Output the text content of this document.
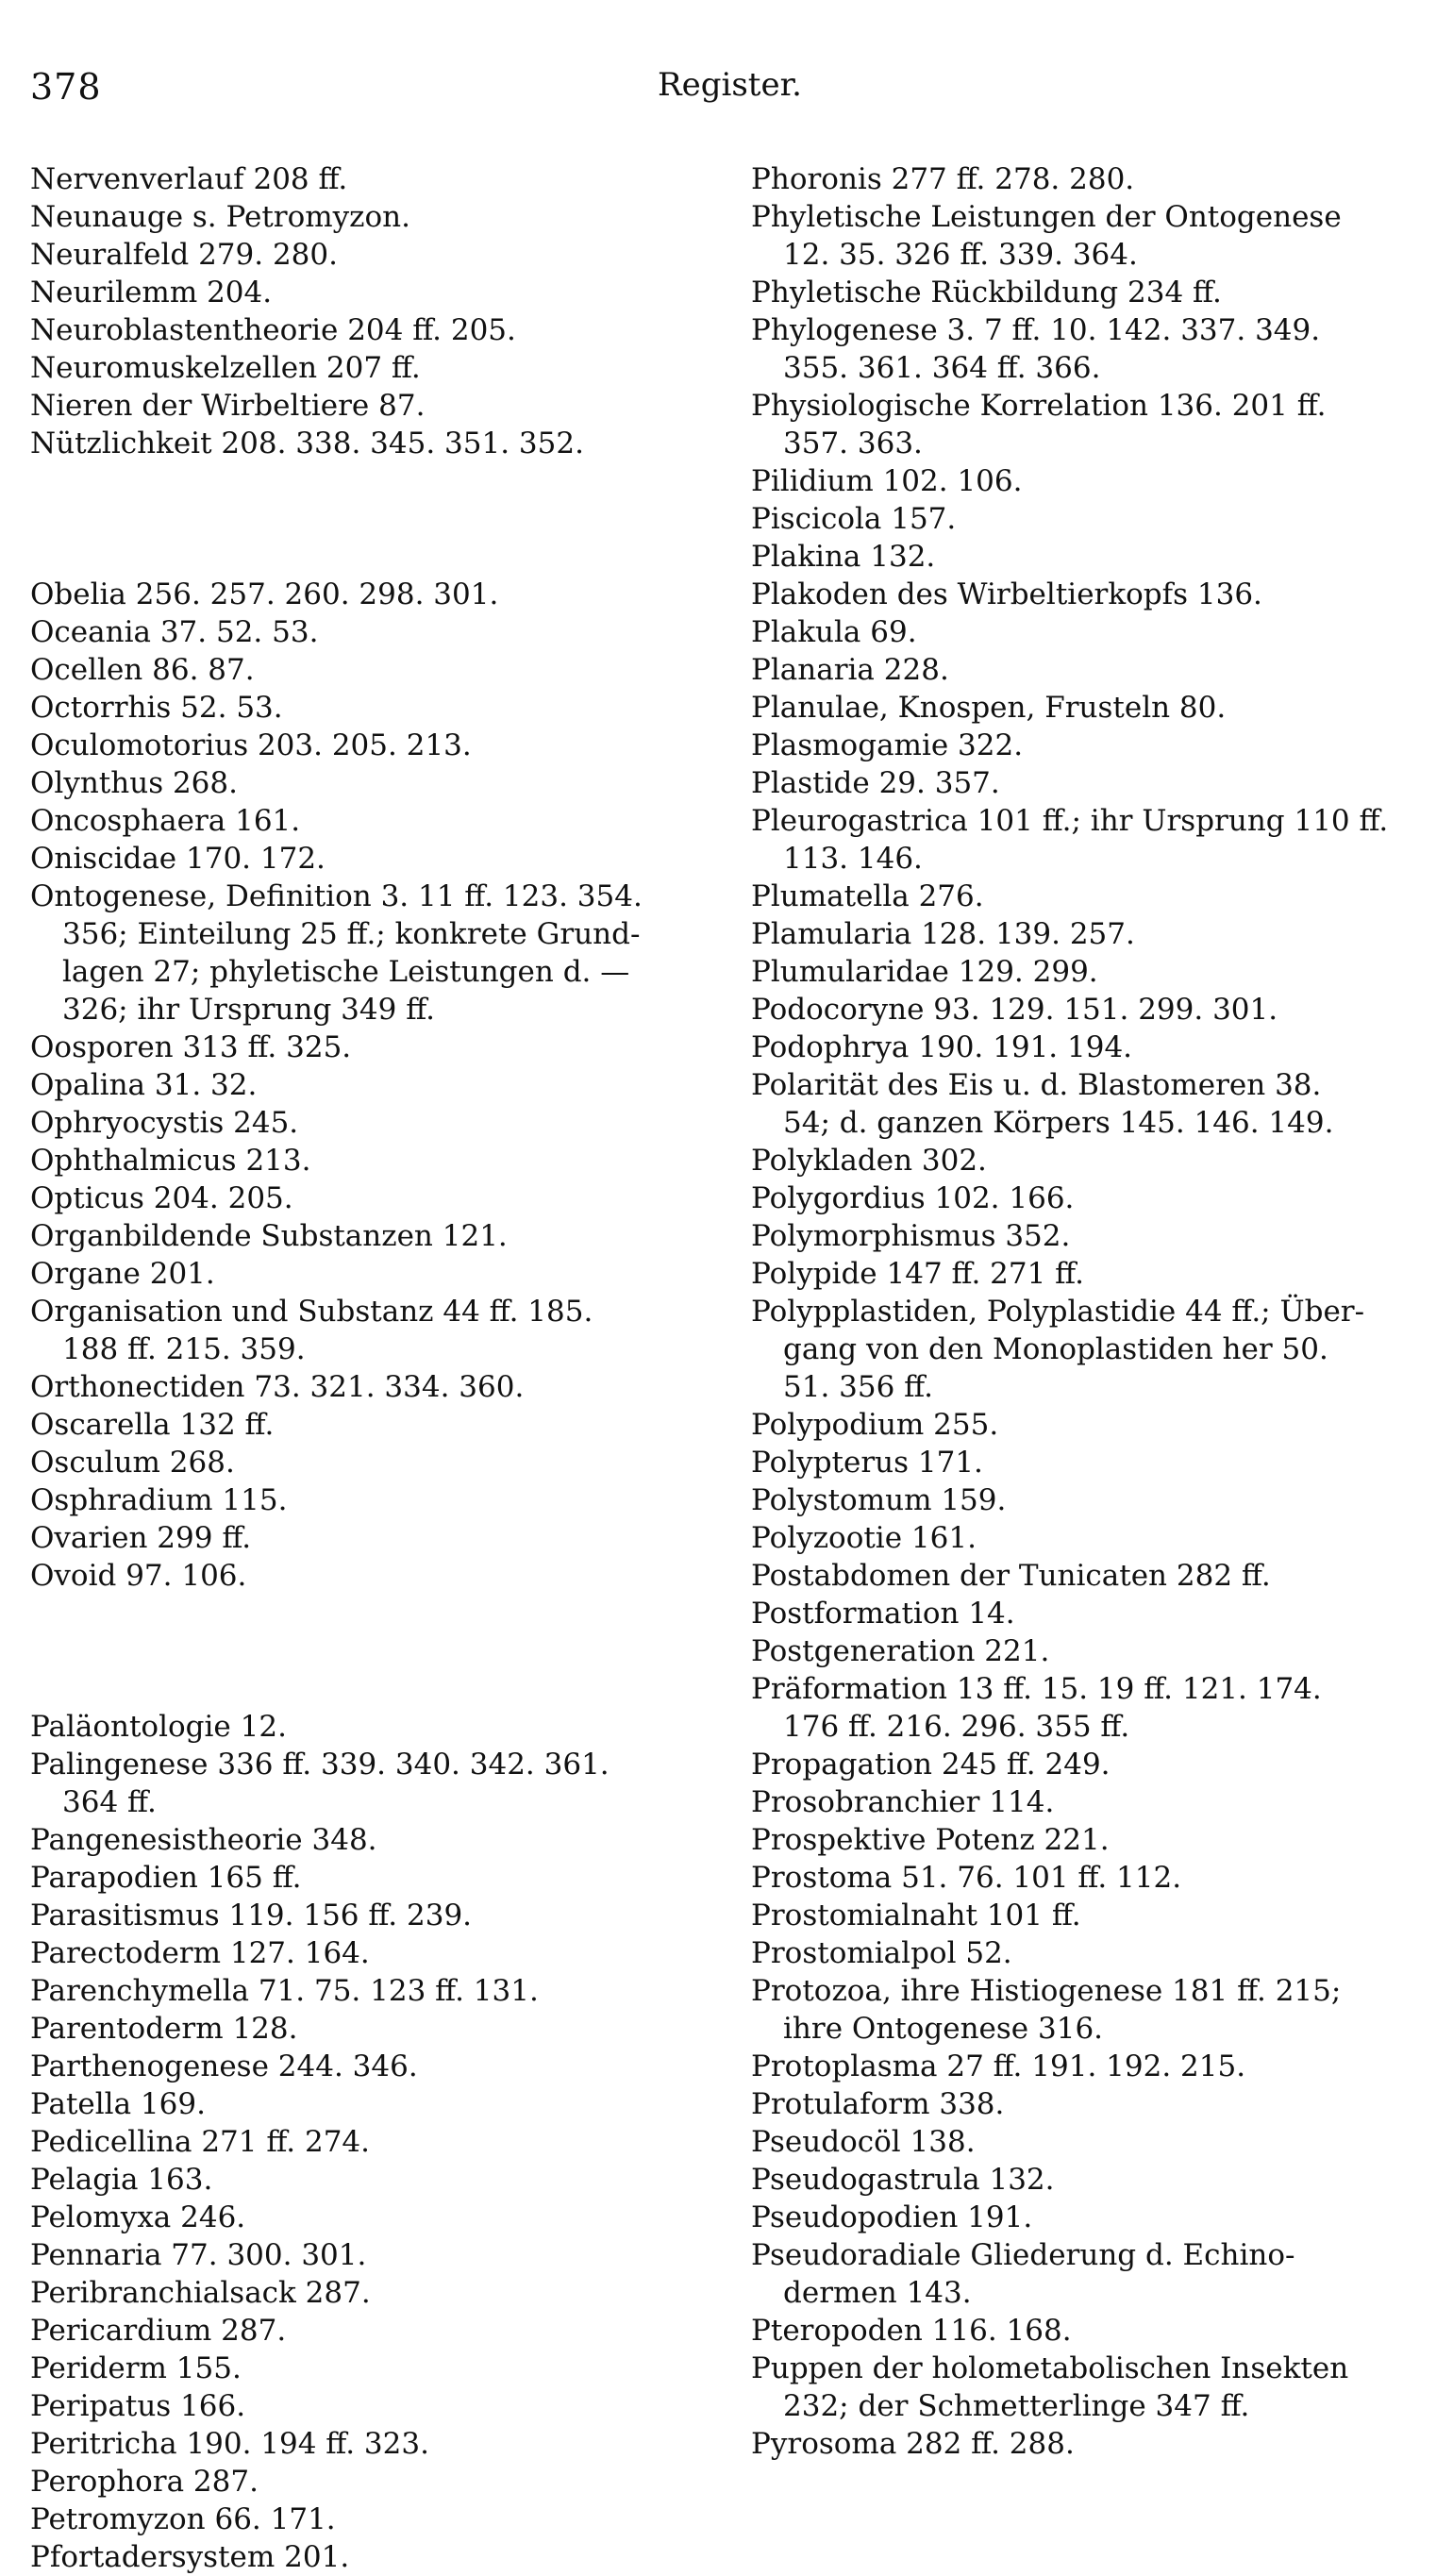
378	Register.
Nervenverlauf 208 ff.
Neunauge s. Petromyzon.
Neuralfeld 279. 280.
Neurilemm 204.
Neuroblastentheorie 204 ff. 205.
Neuromuskelzellen 207 ff.
Nieren der Wirbeltiere 87.
Nützlichkeit 208. 338. 345. 351. 352.
Obelia 256. 257. 260. 298. 301.
Oceania 37. 52. 53.
Ocellen 86. 87.
Octorrhis 52. 53.
Oculomotorius 203. 205. 213.
Olynthus 268.
Oncosphaera 161.
Oniscidae 170. 172.
Ontogenese, Definition 3. 11 ff. 123. 354.
356; Einteilung 25 ff.; konkrete Grund-
lagen 27; phyletische Leistungen d. —
326; ihr Ursprung 349 ff.
Oosporen 313 ff. 325.
Opalina 31. 32.
Ophryocystis 245.
Ophthalmicus 213.
Opticus 204. 205.
Organbildende Substanzen 121.
Organe 201.
Organisation und Substanz 44 ff. 185.
188 ff. 215. 359.
Orthonectiden 73. 321. 334. 360.
Oscarella 132 ff.
Osculum 268.
Osphradium 115.
Ovarien 299 ff.
Ovoid 97. 106.
Paläontologie 12.
Palingenese 336 ff. 339. 340. 342. 361.
364 ff.
Pangenesistheorie 348.
Parapodien 165 ff.
Parasitismus 119. 156 ff. 239.
Parectoderm 127. 164.
Parenchymella 71. 75. 123 ff. 131.
Parentoderm 128.
Parthenogenese 244. 346.
Patella 169.
Pedicellina 271 ff. 274.
Pelagia 163.
Pelomyxa 246.
Pennaria 77. 300. 301.
Peribranchialsack 287.
Pericardium 287.
Periderm 155.
Peripatus 166.
Peritricha 190. 194 ff. 323.
Perophora 287.
Petromyzon 66. 171.
Pfortadersystem 201.
Phoronis 277 ff. 278. 280.
Phyletische Leistungen der Ontogenese
12. 35. 326 ff. 339. 364.
Phyletische Rückbildung 234 ff.
Phylogenese 3. 7 ff. 10. 142. 337. 349.
355. 361. 364 ff. 366.
Physiologische Korrelation 136. 201 ff.
357. 363.
Pilidium 102. 106.
Piscicola 157.
Plakina 132.
Plakoden des Wirbeltierkopfs 136.
Plakula 69.
Planaria 228.
Planulae, Knospen, Frusteln 80.
Plasmogamie 322.
Plastide 29. 357.
Pleurogastrica 101 ff.; ihr Ursprung 110 ff.
113. 146.
Plumatella 276.
Plamularia 128. 139. 257.
Plumularidae 129. 299.
Podocoryne 93. 129. 151. 299. 301.
Podophrya 190. 191. 194.
Polarität des Eis u. d. Blastomeren 38.
54; d. ganzen Körpers 145. 146. 149.
Polykladen 302.
Polygordius 102. 166.
Polymorphismus 352.
Polypide 147 ff. 271 ff.
Polypplastiden, Polyplastidie 44 ff.; Über-
gang von den Monoplastiden her 50.
51. 356 ff.
Polypodium 255.
Polypterus 171.
Polystomum 159.
Polyzootie 161.
Postabdomen der Tunicaten 282 ff.
Postformation 14.
Postgeneration 221.
Präformation 13 ff. 15. 19 ff. 121. 174.
176 ff. 216. 296. 355 ff.
Propagation 245 ff. 249.
Prosobranchier 114.
Prospektive Potenz 221.
Prostoma 51. 76. 101 ff. 112.
Prostomialnaht 101 ff.
Prostomialpol 52.
Protozoa, ihre Histiogenese 181 ff. 215;
ihre Ontogenese 316.
Protoplasma 27 ff. 191. 192. 215.
Protulaform 338.
Pseudocöl 138.
Pseudogastrula 132.
Pseudopodien 191.
Pseudoradiale Gliederung d. Echino-
dermen 143.
Pteropoden 116. 168.
Puppen der holometabolischen Insekten
232; der Schmetterlinge 347 ff.
Pyrosoma 282 ff. 288.
